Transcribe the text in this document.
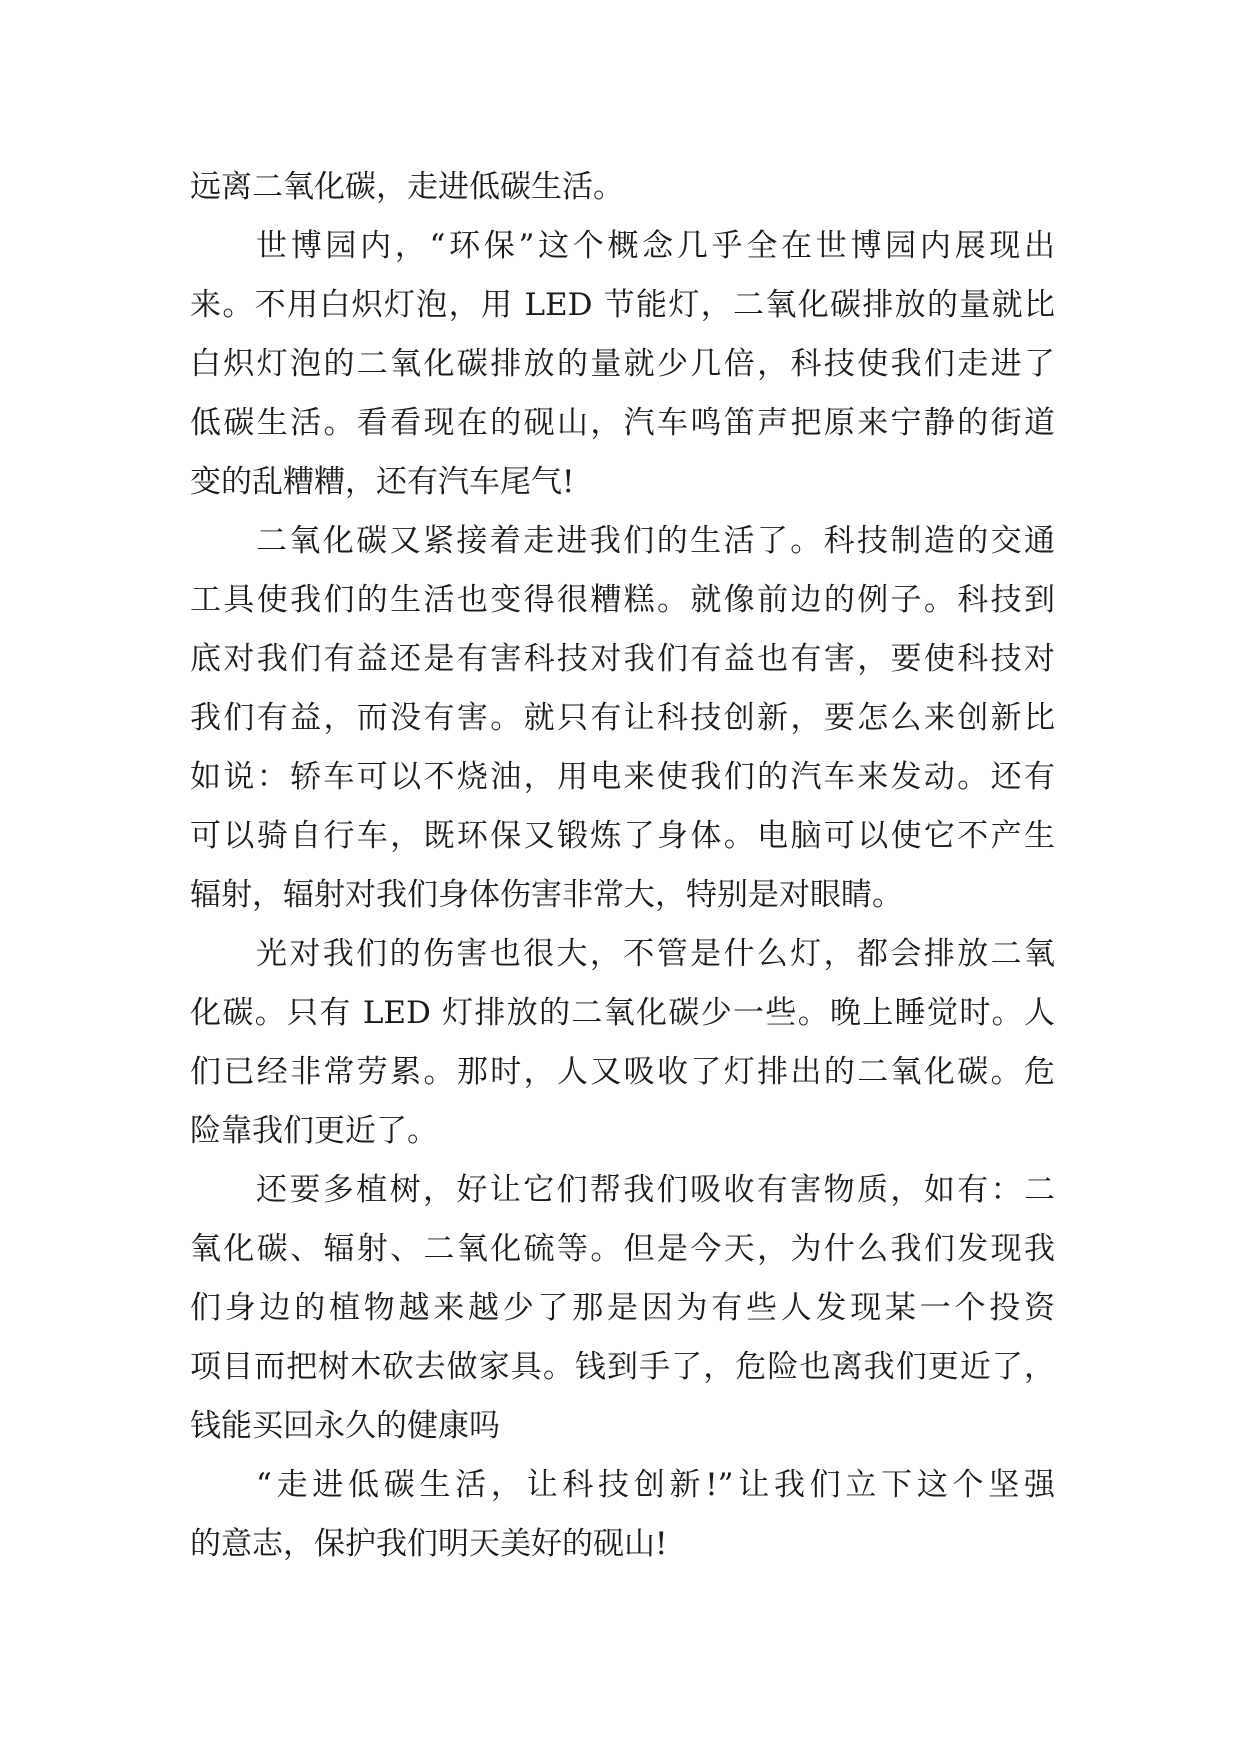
远离二氧化碳，走进低碳生活。
世博园内，“环保”这个概念几乎全在世博园内展现出
来。不用白炽灯泡，用 LED 节能灯，二氧化碳排放的量就比
白炽灯泡的二氧化碳排放的量就少几倍，科技使我们走进了
低碳生活。看看现在的砚山，汽车鸣笛声把原来宁静的街道
变的乱糟糟，还有汽车尾气!
二氧化碳又紧接着走进我们的生活了。科技制造的交通
工具使我们的生活也变得很糟糕。就像前边的例子。科技到
底对我们有益还是有害科技对我们有益也有害，要使科技对
我们有益，而没有害。就只有让科技创新，要怎么来创新比
如说：轿车可以不烧油，用电来使我们的汽车来发动。还有
可以骑自行车，既环保又锻炼了身体。电脑可以使它不产生
辐射，辐射对我们身体伤害非常大，特别是对眼睛。
光对我们的伤害也很大，不管是什么灯，都会排放二氧
化碳。只有 LED 灯排放的二氧化碳少一些。晚上睡觉时。人
们已经非常劳累。那时，人又吸收了灯排出的二氧化碳。危
险靠我们更近了。
还要多植树，好让它们帮我们吸收有害物质，如有：二
氧化碳、辐射、二氧化硫等。但是今天，为什么我们发现我
们身边的植物越来越少了那是因为有些人发现某一个投资
项目而把树木砍去做家具。钱到手了，危险也离我们更近了，
钱能买回永久的健康吗
“走进低碳生活，让科技创新!”让我们立下这个坚强
的意志，保护我们明天美好的砚山!
